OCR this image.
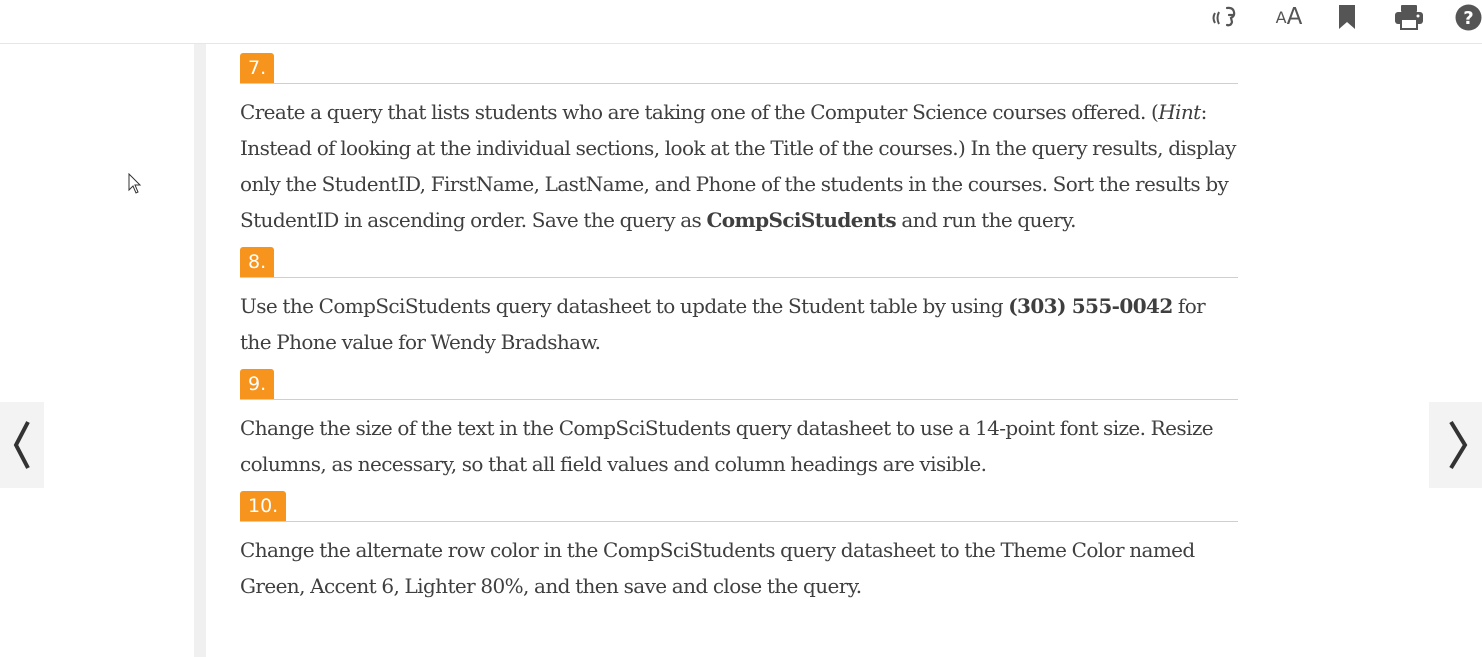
A A	?
7.

Create a query that lists students who are taking one of the Computer Science courses offered. (Hint: Instead of looking at the individual sections, look at the Title of the courses.) In the query results, display only the StudentID, FirstName, LastName, and Phone of the students in the courses. Sort the results by StudentID in ascending order. Save the query as CompSciStudents and run the query.

8.

Use the CompSciStudents query datasheet to update the Student table by using (303) 555-0042 for the Phone value for Wendy Bradshaw.

9.

Change the size of the text in the CompSciStudents query datasheet to use a 14-point font size. Resize columns, as necessary, so that all field values and column headings are visible.

10.

Change the alternate row color in the CompSciStudents query datasheet to the Theme Color named Green, Accent 6, Lighter 80%, and then save and close the query.
